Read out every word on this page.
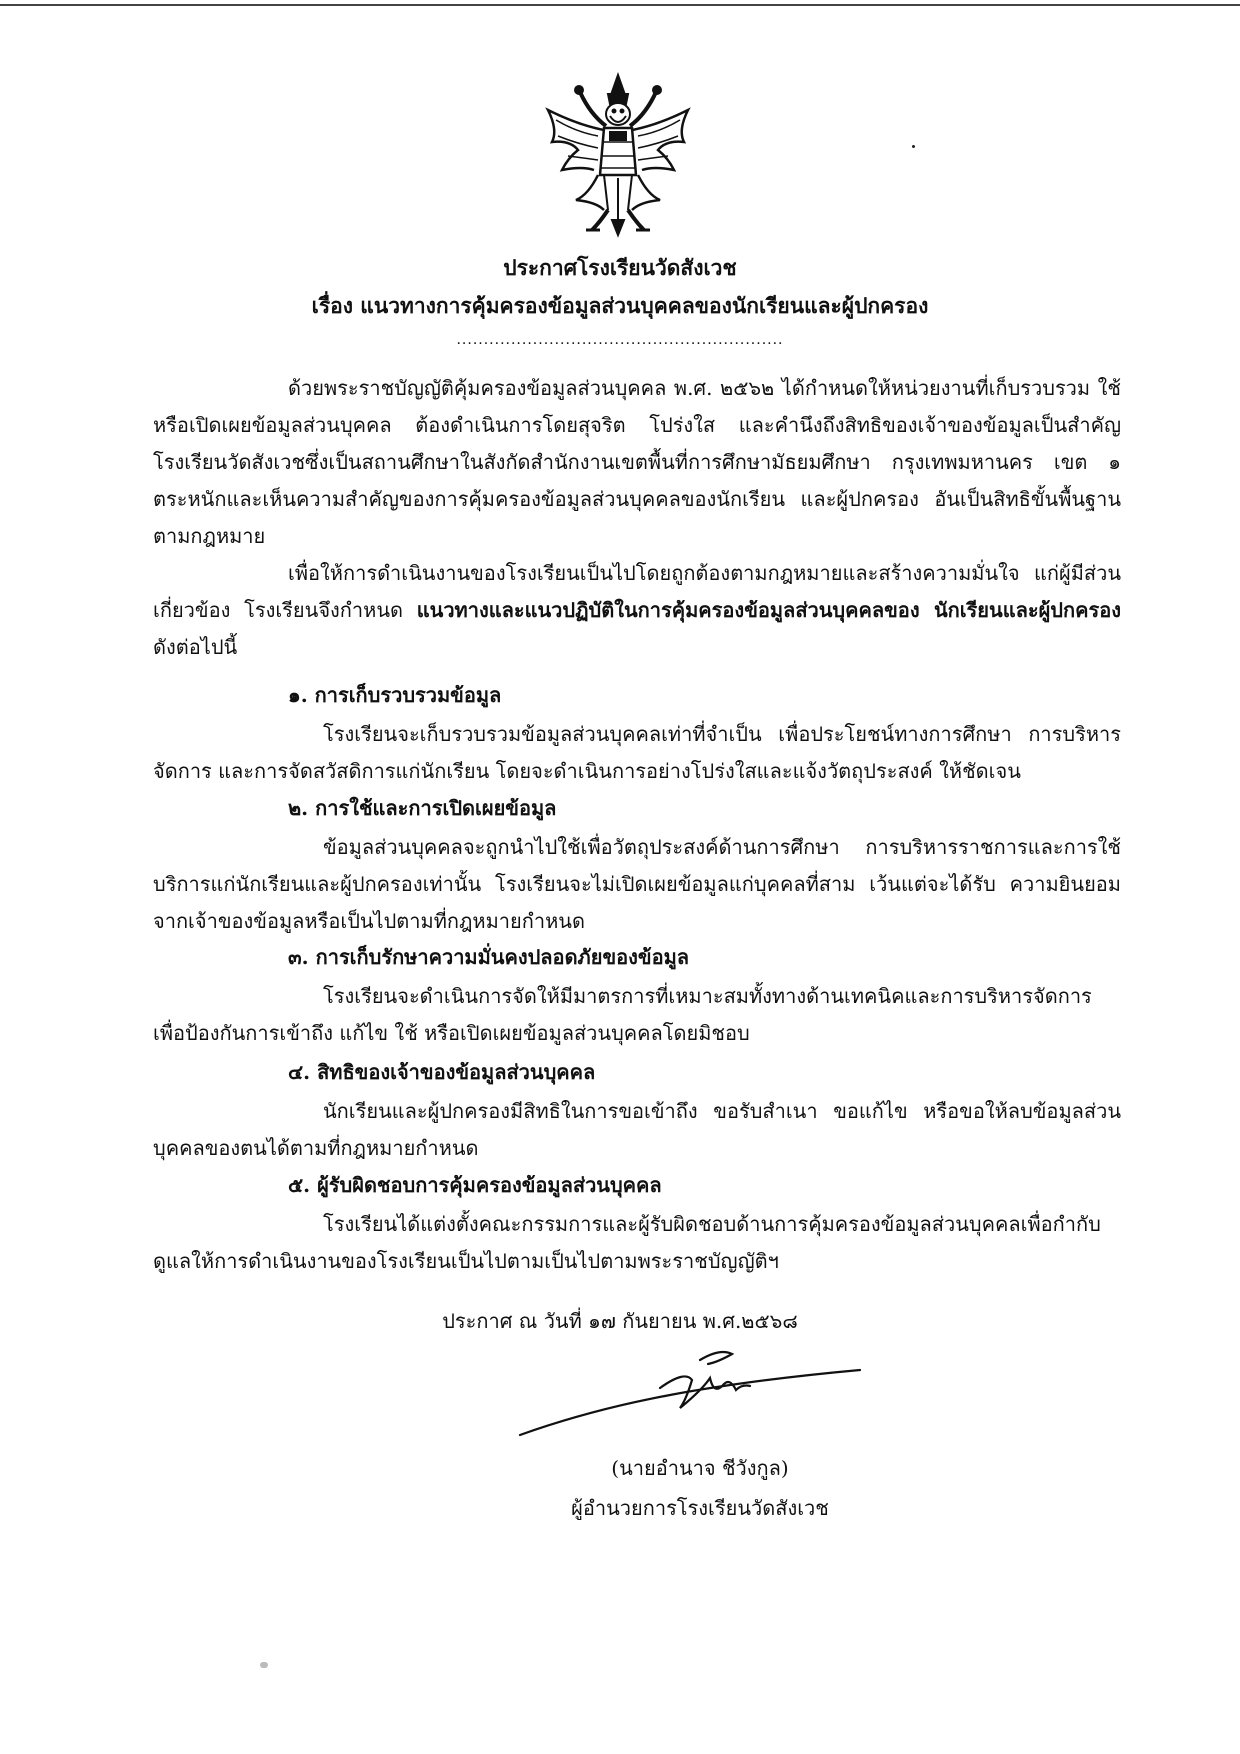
ประกาศโรงเรียนวัดสังเวช
เรื่อง แนวทางการคุ้มครองข้อมูลส่วนบุคคลของนักเรียนและผู้ปกครอง
............................................................

ด้วยพระราชบัญญัติคุ้มครองข้อมูลส่วนบุคคล พ.ศ. ๒๕๖๒ ได้กำหนดให้หน่วยงานที่เก็บรวบรวม ใช้ หรือเปิดเผยข้อมูลส่วนบุคคล ต้องดำเนินการโดยสุจริต โปร่งใส และคำนึงถึงสิทธิของเจ้าของข้อมูลเป็นสำคัญ โรงเรียนวัดสังเวชซึ่งเป็นสถานศึกษาในสังกัดสำนักงานเขตพื้นที่การศึกษามัธยมศึกษา กรุงเทพมหานคร เขต ๑ ตระหนักและเห็นความสำคัญของการคุ้มครองข้อมูลส่วนบุคคลของนักเรียน และผู้ปกครอง อันเป็นสิทธิขั้นพื้นฐานตามกฎหมาย

เพื่อให้การดำเนินงานของโรงเรียนเป็นไปโดยถูกต้องตามกฎหมายและสร้างความมั่นใจ แก่ผู้มีส่วนเกี่ยวข้อง โรงเรียนจึงกำหนด แนวทางและแนวปฏิบัติในการคุ้มครองข้อมูลส่วนบุคคลของ นักเรียนและผู้ปกครอง ดังต่อไปนี้

๑. การเก็บรวบรวมข้อมูล

โรงเรียนจะเก็บรวบรวมข้อมูลส่วนบุคคลเท่าที่จำเป็น เพื่อประโยชน์ทางการศึกษา การบริหารจัดการ และการจัดสวัสดิการแก่นักเรียน โดยจะดำเนินการอย่างโปร่งใสและแจ้งวัตถุประสงค์ ให้ชัดเจน

๒. การใช้และการเปิดเผยข้อมูล

ข้อมูลส่วนบุคคลจะถูกนำไปใช้เพื่อวัตถุประสงค์ด้านการศึกษา การบริหารราชการและการใช้บริการแก่นักเรียนและผู้ปกครองเท่านั้น โรงเรียนจะไม่เปิดเผยข้อมูลแก่บุคคลที่สาม เว้นแต่จะได้รับ ความยินยอมจากเจ้าของข้อมูลหรือเป็นไปตามที่กฎหมายกำหนด

๓. การเก็บรักษาความมั่นคงปลอดภัยของข้อมูล

โรงเรียนจะดำเนินการจัดให้มีมาตรการที่เหมาะสมทั้งทางด้านเทคนิคและการบริหารจัดการเพื่อป้องกันการเข้าถึง แก้ไข ใช้ หรือเปิดเผยข้อมูลส่วนบุคคลโดยมิชอบ

๔. สิทธิของเจ้าของข้อมูลส่วนบุคคล

นักเรียนและผู้ปกครองมีสิทธิในการขอเข้าถึง ขอรับสำเนา ขอแก้ไข หรือขอให้ลบข้อมูลส่วนบุคคลของตนได้ตามที่กฎหมายกำหนด

๕. ผู้รับผิดชอบการคุ้มครองข้อมูลส่วนบุคคล

โรงเรียนได้แต่งตั้งคณะกรรมการและผู้รับผิดชอบด้านการคุ้มครองข้อมูลส่วนบุคคลเพื่อกำกับดูแลให้การดำเนินงานของโรงเรียนเป็นไปตามเป็นไปตามพระราชบัญญัติฯ

ประกาศ ณ วันที่ ๑๗ กันยายน พ.ศ.๒๕๖๘
(นายอำนาจ ชีวังกูล)
ผู้อำนวยการโรงเรียนวัดสังเวช
